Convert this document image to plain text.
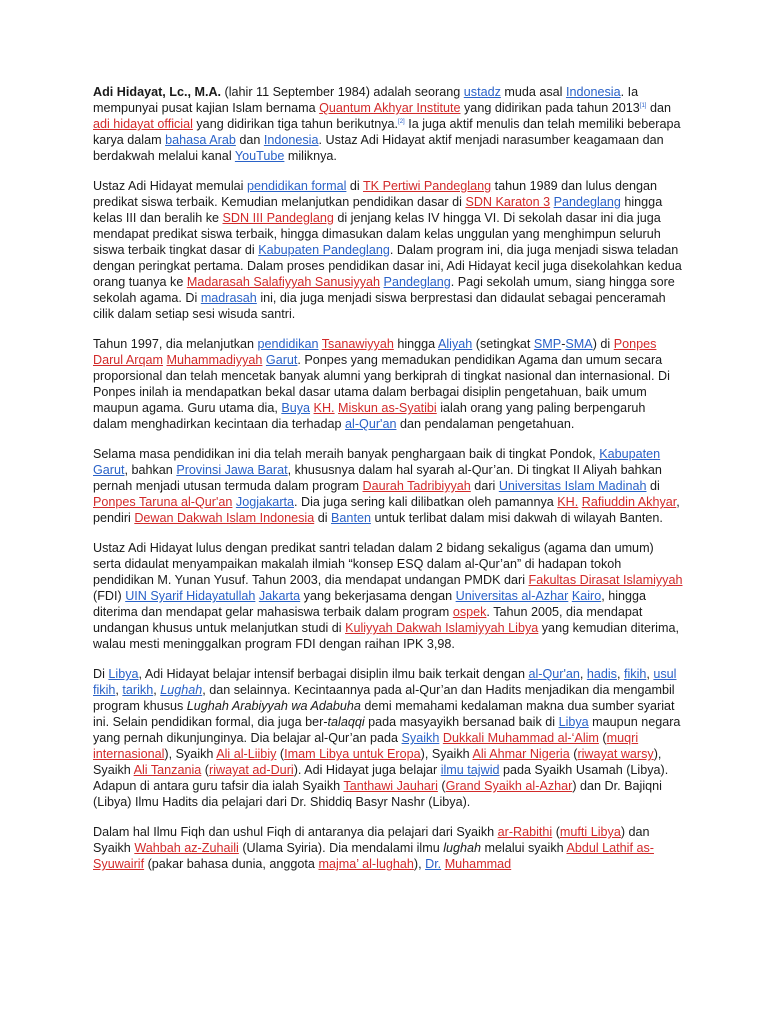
Adi Hidayat, Lc., M.A. (lahir 11 September 1984) adalah seorang ustadz muda asal Indonesia. Ia mempunyai pusat kajian Islam bernama Quantum Akhyar Institute yang didirikan pada tahun 2013[1] dan adi hidayat official yang didirikan tiga tahun berikutnya.[2] Ia juga aktif menulis dan telah memiliki beberapa karya dalam bahasa Arab dan Indonesia. Ustaz Adi Hidayat aktif menjadi narasumber keagamaan dan berdakwah melalui kanal YouTube miliknya.

Ustaz Adi Hidayat memulai pendidikan formal di TK Pertiwi Pandeglang tahun 1989 dan lulus dengan predikat siswa terbaik. Kemudian melanjutkan pendidikan dasar di SDN Karaton 3 Pandeglang hingga kelas III dan beralih ke SDN III Pandeglang di jenjang kelas IV hingga VI. Di sekolah dasar ini dia juga mendapat predikat siswa terbaik, hingga dimasukan dalam kelas unggulan yang menghimpun seluruh siswa terbaik tingkat dasar di Kabupaten Pandeglang. Dalam program ini, dia juga menjadi siswa teladan dengan peringkat pertama. Dalam proses pendidikan dasar ini, Adi Hidayat kecil juga disekolahkan kedua orang tuanya ke Madarasah Salafiyyah Sanusiyyah Pandeglang. Pagi sekolah umum, siang hingga sore sekolah agama. Di madrasah ini, dia juga menjadi siswa berprestasi dan didaulat sebagai penceramah cilik dalam setiap sesi wisuda santri.

Tahun 1997, dia melanjutkan pendidikan Tsanawiyyah hingga Aliyah (setingkat SMP-SMA) di Ponpes Darul Arqam Muhammadiyyah Garut. Ponpes yang memadukan pendidikan Agama dan umum secara proporsional dan telah mencetak banyak alumni yang berkiprah di tingkat nasional dan internasional. Di Ponpes inilah ia mendapatkan bekal dasar utama dalam berbagai disiplin pengetahuan, baik umum maupun agama. Guru utama dia, Buya KH. Miskun as-Syatibi ialah orang yang paling berpengaruh dalam menghadirkan kecintaan dia terhadap al-Qur'an dan pendalaman pengetahuan.

Selama masa pendidikan ini dia telah meraih banyak penghargaan baik di tingkat Pondok, Kabupaten Garut, bahkan Provinsi Jawa Barat, khususnya dalam hal syarah al-Qur’an. Di tingkat II Aliyah bahkan pernah menjadi utusan termuda dalam program Daurah Tadribiyyah dari Universitas Islam Madinah di Ponpes Taruna al-Qur'an Jogjakarta. Dia juga sering kali dilibatkan oleh pamannya KH. Rafiuddin Akhyar, pendiri Dewan Dakwah Islam Indonesia di Banten untuk terlibat dalam misi dakwah di wilayah Banten.

Ustaz Adi Hidayat lulus dengan predikat santri teladan dalam 2 bidang sekaligus (agama dan umum) serta didaulat menyampaikan makalah ilmiah “konsep ESQ dalam al-Qur’an” di hadapan tokoh pendidikan M. Yunan Yusuf. Tahun 2003, dia mendapat undangan PMDK dari Fakultas Dirasat Islamiyyah (FDI) UIN Syarif Hidayatullah Jakarta yang bekerjasama dengan Universitas al-Azhar Kairo, hingga diterima dan mendapat gelar mahasiswa terbaik dalam program ospek. Tahun 2005, dia mendapat undangan khusus untuk melanjutkan studi di Kuliyyah Dakwah Islamiyyah Libya yang kemudian diterima, walau mesti meninggalkan program FDI dengan raihan IPK 3,98.

Di Libya, Adi Hidayat belajar intensif berbagai disiplin ilmu baik terkait dengan al-Qur'an, hadis, fikih, usul fikih, tarikh, Lughah, dan selainnya. Kecintaannya pada al-Qur’an dan Hadits menjadikan dia mengambil program khusus Lughah Arabiyyah wa Adabuha demi memahami kedalaman makna dua sumber syariat ini. Selain pendidikan formal, dia juga ber-talaqqi pada masyayikh bersanad baik di Libya maupun negara yang pernah dikunjunginya. Dia belajar al-Qur’an pada Syaikh Dukkali Muhammad al-‘Alim (muqri internasional), Syaikh Ali al-Liibiy (Imam Libya untuk Eropa), Syaikh Ali Ahmar Nigeria (riwayat warsy), Syaikh Ali Tanzania (riwayat ad-Duri). Adi Hidayat juga belajar ilmu tajwid pada Syaikh Usamah (Libya). Adapun di antara guru tafsir dia ialah Syaikh Tanthawi Jauhari (Grand Syaikh al-Azhar) dan Dr. Bajiqni (Libya) Ilmu Hadits dia pelajari dari Dr. Shiddiq Basyr Nashr (Libya).

Dalam hal Ilmu Fiqh dan ushul Fiqh di antaranya dia pelajari dari Syaikh ar-Rabithi (mufti Libya) dan Syaikh Wahbah az-Zuhaili (Ulama Syiria). Dia mendalami ilmu lughah melalui syaikh Abdul Lathif as-Syuwairif (pakar bahasa dunia, anggota majma’ al-lughah), Dr. Muhammad
